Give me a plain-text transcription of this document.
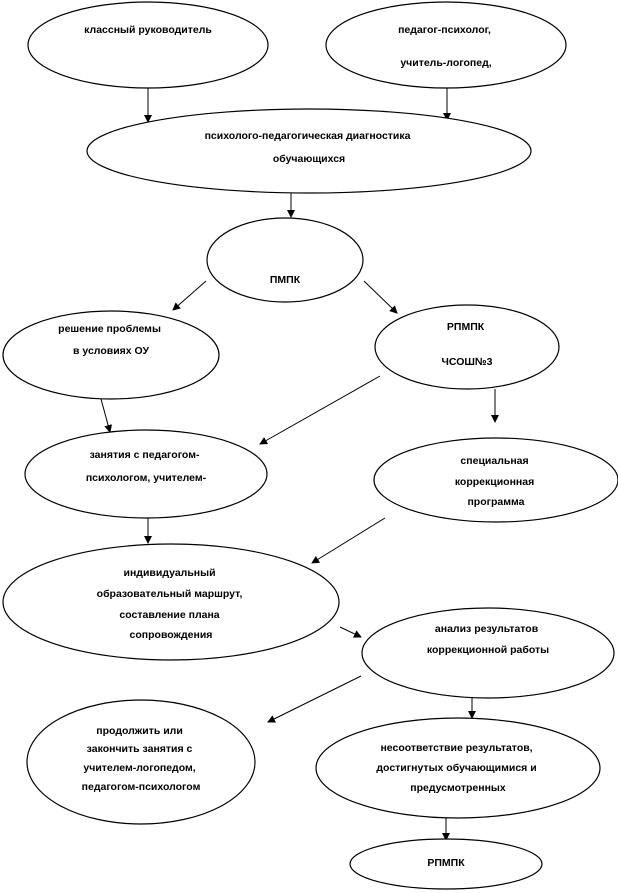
классный руководитель	педагог-психолог, учитель-логопед,
психолого-педагогическая диагностика обучающихся
ПМПК
решение проблемы в условиях ОУ
РПМПК ЧСОШ№3
занятия с педагогом- психологом, учителем-
специальная коррекционная программа
индивидуальный образовательный маршрут, составление плана сопровождения	анализ результатов коррекционной работы
продолжить или закончить занятия с учителем-логопедом, педагогом-психологом
несоответствие результатов, достигнутых обучающимися и предусмотренных
РПМПК
